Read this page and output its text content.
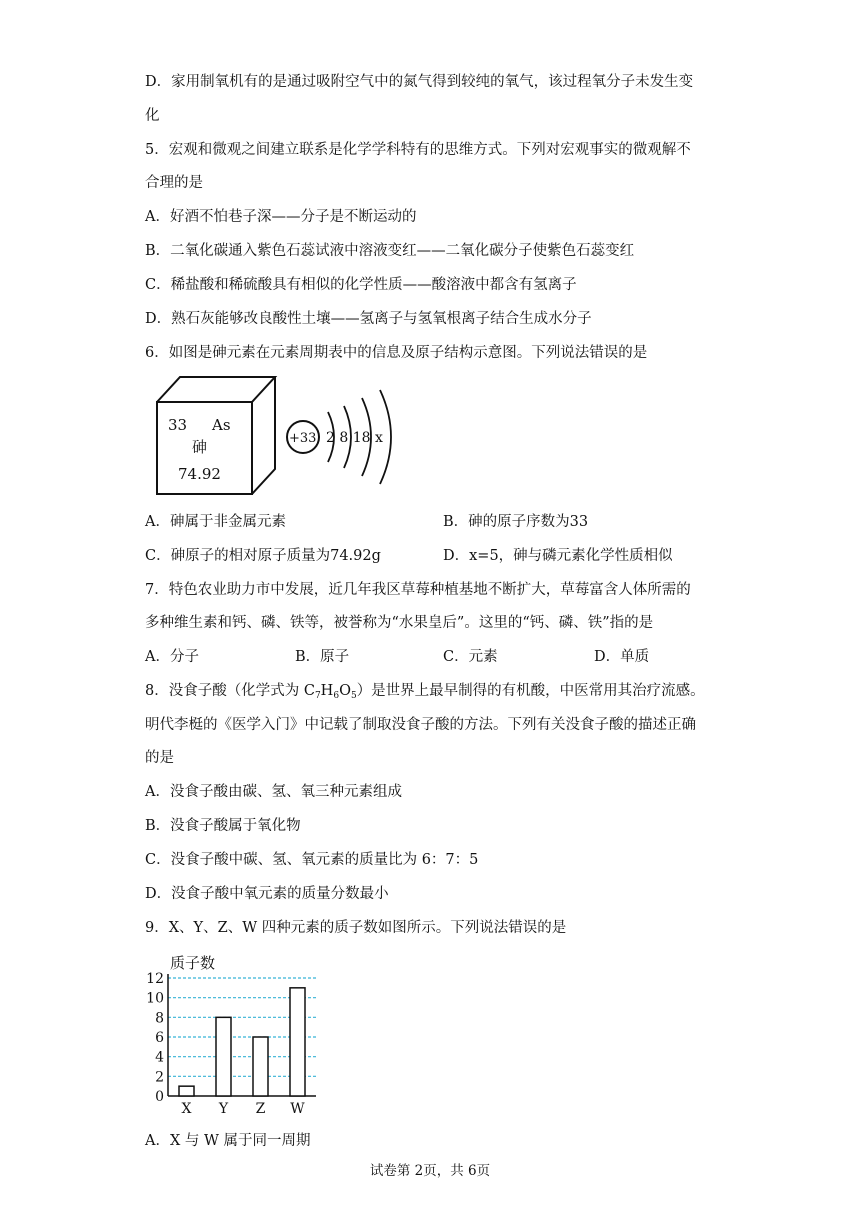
D．家用制氧机有的是通过吸附空气中的氮气得到较纯的氧气，该过程氧分子未发生变
化
5．宏观和微观之间建立联系是化学学科特有的思维方式。下列对宏观事实的微观解不
合理的是
A．好酒不怕巷子深——分子是不断运动的
B．二氧化碳通入紫色石蕊试液中溶液变红——二氧化碳分子使紫色石蕊变红
C．稀盐酸和稀硫酸具有相似的化学性质——酸溶液中都含有氢离子
D．熟石灰能够改良酸性土壤——氢离子与氢氧根离子结合生成水分子
6．如图是砷元素在元素周期表中的信息及原子结构示意图。下列说法错误的是
33 As
砷
74.92
+33 2 8 18 x
A．砷属于非金属元素	B．砷的原子序数为33
C．砷原子的相对原子质量为74.92g	D．x=5，砷与磷元素化学性质相似
7．特色农业助力市中发展，近几年我区草莓种植基地不断扩大，草莓富含人体所需的
多种维生素和钙、磷、铁等，被誉称为“水果皇后”。这里的“钙、磷、铁”指的是
A．分子	B．原子	C．元素	D．单质
8．没食子酸（化学式为 $C_7H_6O_5$）是世界上最早制得的有机酸，中医常用其治疗流感。
明代李梃的《医学入门》中记载了制取没食子酸的方法。下列有关没食子酸的描述正确
的是
A．没食子酸由碳、氢、氧三种元素组成
B．没食子酸属于氧化物
C．没食子酸中碳、氢、氧元素的质量比为 6：7：5
D．没食子酸中氧元素的质量分数最小
9．X、Y、Z、W 四种元素的质子数如图所示。下列说法错误的是
质子数
0
2
4
6
8
10
12
X Y Z W
A．X 与 W 属于同一周期
试卷第 2页，共 6页
